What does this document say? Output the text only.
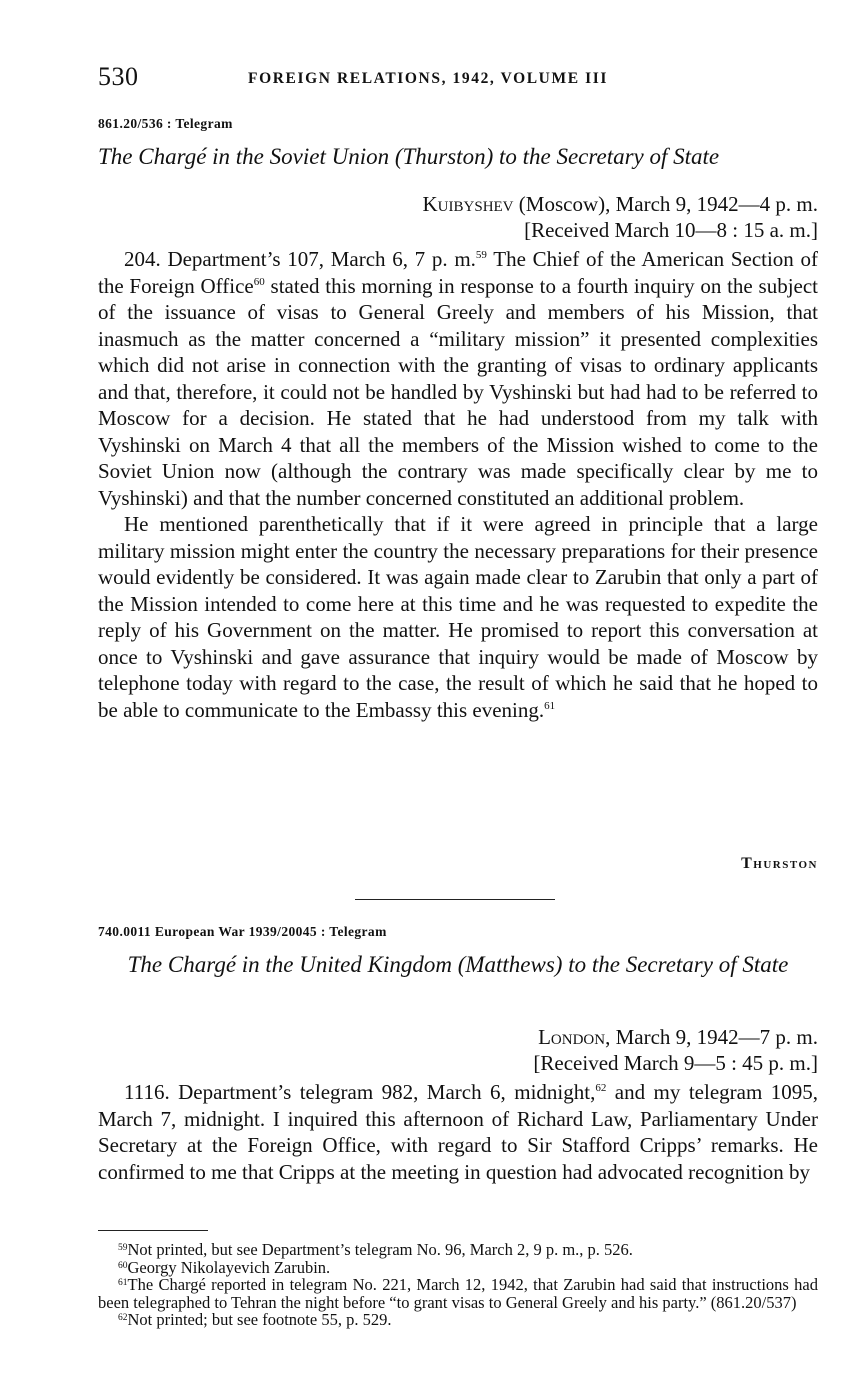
530	FOREIGN RELATIONS, 1942, VOLUME III
861.20/536 : Telegram
The Chargé in the Soviet Union (Thurston) to the Secretary of State
Kuibyshev (Moscow), March 9, 1942—4 p. m.
[Received March 10—8 : 15 a. m.]

204. Department’s 107, March 6, 7 p. m.$^{59}$ The Chief of the American Section of the Foreign Office$^{60}$ stated this morning in response to a fourth inquiry on the subject of the issuance of visas to General Greely and members of his Mission, that inasmuch as the matter concerned a “military mission” it presented complexities which did not arise in connection with the granting of visas to ordinary applicants and that, therefore, it could not be handled by Vyshinski but had had to be referred to Moscow for a decision. He stated that he had understood from my talk with Vyshinski on March 4 that all the members of the Mission wished to come to the Soviet Union now (although the contrary was made specifically clear by me to Vyshinski) and that the number concerned constituted an additional problem.

He mentioned parenthetically that if it were agreed in principle that a large military mission might enter the country the necessary preparations for their presence would evidently be considered. It was again made clear to Zarubin that only a part of the Mission intended to come here at this time and he was requested to expedite the reply of his Government on the matter. He promised to report this conversation at once to Vyshinski and gave assurance that inquiry would be made of Moscow by telephone today with regard to the case, the result of which he said that he hoped to be able to communicate to the Embassy this evening.$^{61}$

Thurston
740.0011 European War 1939/20045 : Telegram
The Chargé in the United Kingdom (Matthews) to the Secretary of State
London, March 9, 1942—7 p. m.
[Received March 9—5 : 45 p. m.]

1116. Department’s telegram 982, March 6, midnight,$^{62}$ and my telegram 1095, March 7, midnight. I inquired this afternoon of Richard Law, Parliamentary Under Secretary at the Foreign Office, with regard to Sir Stafford Cripps’ remarks. He confirmed to me that Cripps at the meeting in question had advocated recognition by

$^{59}$Not printed, but see Department’s telegram No. 96, March 2, 9 p. m., p. 526.
$^{60}$Georgy Nikolayevich Zarubin.
$^{61}$The Chargé reported in telegram No. 221, March 12, 1942, that Zarubin had said that instructions had been telegraphed to Tehran the night before “to grant visas to General Greely and his party.” (861.20/537)
$^{62}$Not printed; but see footnote 55, p. 529.
